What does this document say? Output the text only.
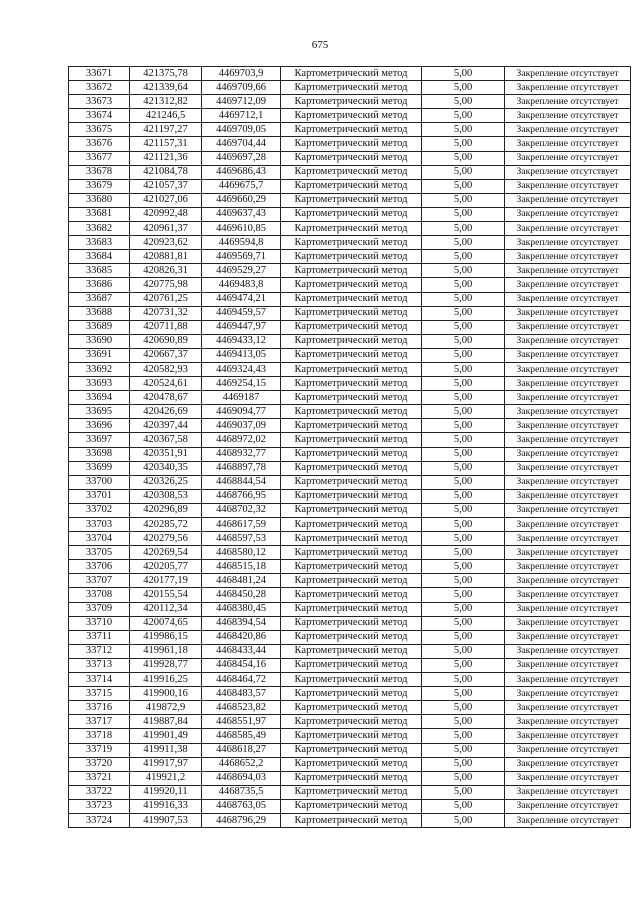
675
33671	421375,78	4469703,9	Картометрический метод	5,00	Закрепление отсутствует
33672	421339,64	4469709,66	Картометрический метод	5,00	Закрепление отсутствует
33673	421312,82	4469712,09	Картометрический метод	5,00	Закрепление отсутствует
33674	421246,5	4469712,1	Картометрический метод	5,00	Закрепление отсутствует
33675	421197,27	4469709,05	Картометрический метод	5,00	Закрепление отсутствует
33676	421157,31	4469704,44	Картометрический метод	5,00	Закрепление отсутствует
33677	421121,36	4469697,28	Картометрический метод	5,00	Закрепление отсутствует
33678	421084,78	4469686,43	Картометрический метод	5,00	Закрепление отсутствует
33679	421057,37	4469675,7	Картометрический метод	5,00	Закрепление отсутствует
33680	421027,06	4469660,29	Картометрический метод	5,00	Закрепление отсутствует
33681	420992,48	4469637,43	Картометрический метод	5,00	Закрепление отсутствует
33682	420961,37	4469610,85	Картометрический метод	5,00	Закрепление отсутствует
33683	420923,62	4469594,8	Картометрический метод	5,00	Закрепление отсутствует
33684	420881,81	4469569,71	Картометрический метод	5,00	Закрепление отсутствует
33685	420826,31	4469529,27	Картометрический метод	5,00	Закрепление отсутствует
33686	420775,98	4469483,8	Картометрический метод	5,00	Закрепление отсутствует
33687	420761,25	4469474,21	Картометрический метод	5,00	Закрепление отсутствует
33688	420731,32	4469459,57	Картометрический метод	5,00	Закрепление отсутствует
33689	420711,88	4469447,97	Картометрический метод	5,00	Закрепление отсутствует
33690	420690,89	4469433,12	Картометрический метод	5,00	Закрепление отсутствует
33691	420667,37	4469413,05	Картометрический метод	5,00	Закрепление отсутствует
33692	420582,93	4469324,43	Картометрический метод	5,00	Закрепление отсутствует
33693	420524,61	4469254,15	Картометрический метод	5,00	Закрепление отсутствует
33694	420478,67	4469187	Картометрический метод	5,00	Закрепление отсутствует
33695	420426,69	4469094,77	Картометрический метод	5,00	Закрепление отсутствует
33696	420397,44	4469037,09	Картометрический метод	5,00	Закрепление отсутствует
33697	420367,58	4468972,02	Картометрический метод	5,00	Закрепление отсутствует
33698	420351,91	4468932,77	Картометрический метод	5,00	Закрепление отсутствует
33699	420340,35	4468897,78	Картометрический метод	5,00	Закрепление отсутствует
33700	420326,25	4468844,54	Картометрический метод	5,00	Закрепление отсутствует
33701	420308,53	4468766,95	Картометрический метод	5,00	Закрепление отсутствует
33702	420296,89	4468702,32	Картометрический метод	5,00	Закрепление отсутствует
33703	420285,72	4468617,59	Картометрический метод	5,00	Закрепление отсутствует
33704	420279,56	4468597,53	Картометрический метод	5,00	Закрепление отсутствует
33705	420269,54	4468580,12	Картометрический метод	5,00	Закрепление отсутствует
33706	420205,77	4468515,18	Картометрический метод	5,00	Закрепление отсутствует
33707	420177,19	4468481,24	Картометрический метод	5,00	Закрепление отсутствует
33708	420155,54	4468450,28	Картометрический метод	5,00	Закрепление отсутствует
33709	420112,34	4468380,45	Картометрический метод	5,00	Закрепление отсутствует
33710	420074,65	4468394,54	Картометрический метод	5,00	Закрепление отсутствует
33711	419986,15	4468420,86	Картометрический метод	5,00	Закрепление отсутствует
33712	419961,18	4468433,44	Картометрический метод	5,00	Закрепление отсутствует
33713	419928,77	4468454,16	Картометрический метод	5,00	Закрепление отсутствует
33714	419916,25	4468464,72	Картометрический метод	5,00	Закрепление отсутствует
33715	419900,16	4468483,57	Картометрический метод	5,00	Закрепление отсутствует
33716	419872,9	4468523,82	Картометрический метод	5,00	Закрепление отсутствует
33717	419887,84	4468551,97	Картометрический метод	5,00	Закрепление отсутствует
33718	419901,49	4468585,49	Картометрический метод	5,00	Закрепление отсутствует
33719	419911,38	4468618,27	Картометрический метод	5,00	Закрепление отсутствует
33720	419917,97	4468652,2	Картометрический метод	5,00	Закрепление отсутствует
33721	419921,2	4468694,03	Картометрический метод	5,00	Закрепление отсутствует
33722	419920,11	4468735,5	Картометрический метод	5,00	Закрепление отсутствует
33723	419916,33	4468763,05	Картометрический метод	5,00	Закрепление отсутствует
33724	419907,53	4468796,29	Картометрический метод	5,00	Закрепление отсутствует
